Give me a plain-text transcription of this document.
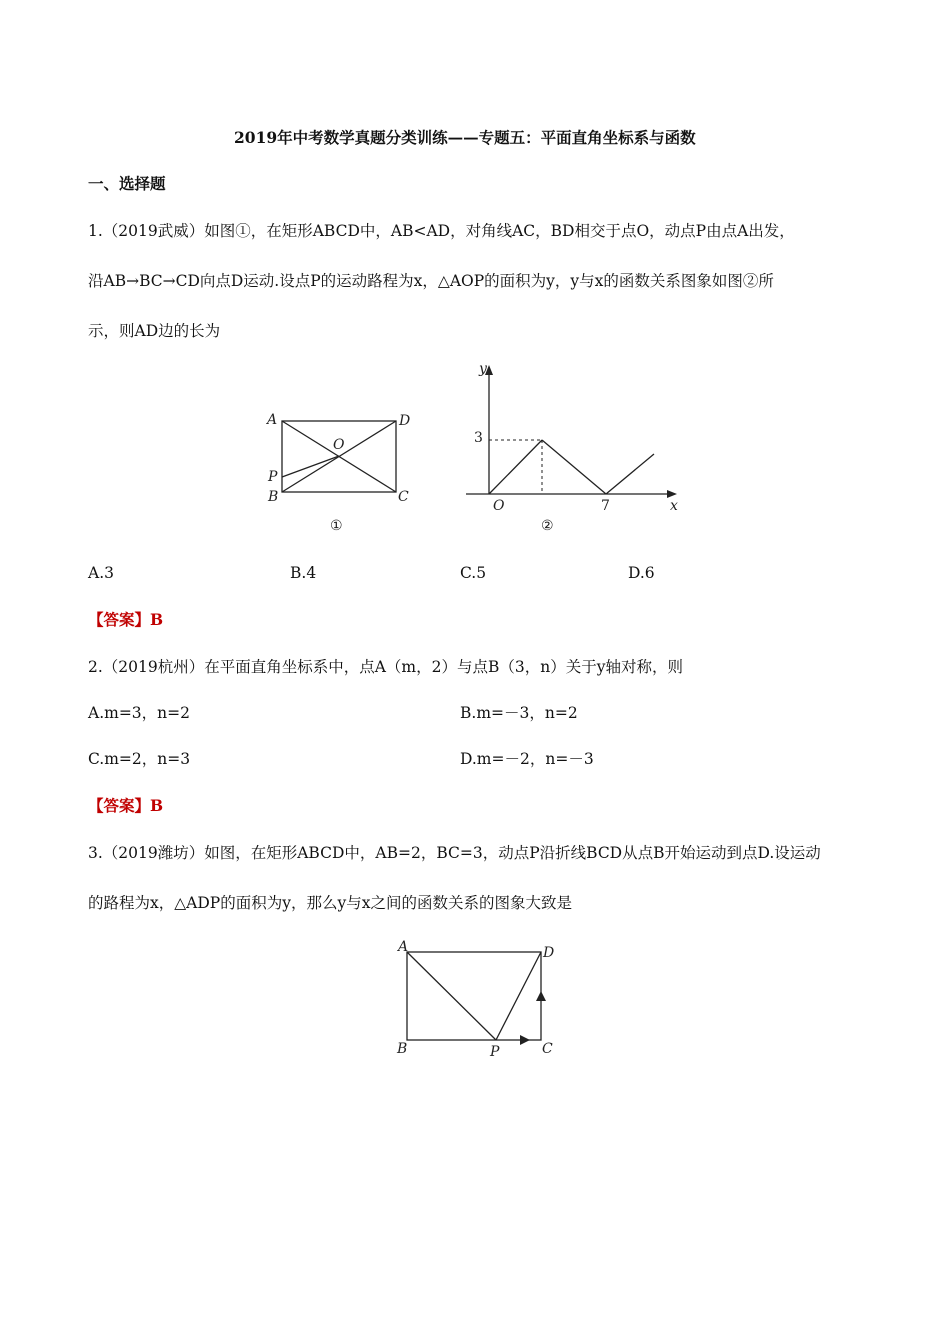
2019年中考数学真题分类训练——专题五：平面直角坐标系与函数
一、选择题
1.（2019武威）如图①，在矩形ABCD中，AB<AD，对角线AC，BD相交于点O，动点P由点A出发，
沿AB→BC→CD向点D运动.设点P的运动路程为x，△AOP的面积为y，y与x的函数关系图象如图②所
示，则AD边的长为
A	D
O
P
B	C
①
y
x
O
3
7
②
A.3	B.4	C.5	D.6
【答案】B
2.（2019杭州）在平面直角坐标系中，点A（m，2）与点B（3，n）关于y轴对称，则
A.m=3，n=2	B.m=－3，n=2
C.m=2，n=3	D.m=－2，n=－3
【答案】B
3.（2019潍坊）如图，在矩形ABCD中，AB=2，BC=3，动点P沿折线BCD从点B开始运动到点D.设运动
的路程为x，△ADP的面积为y，那么y与x之间的函数关系的图象大致是
A	D
B	P	C
